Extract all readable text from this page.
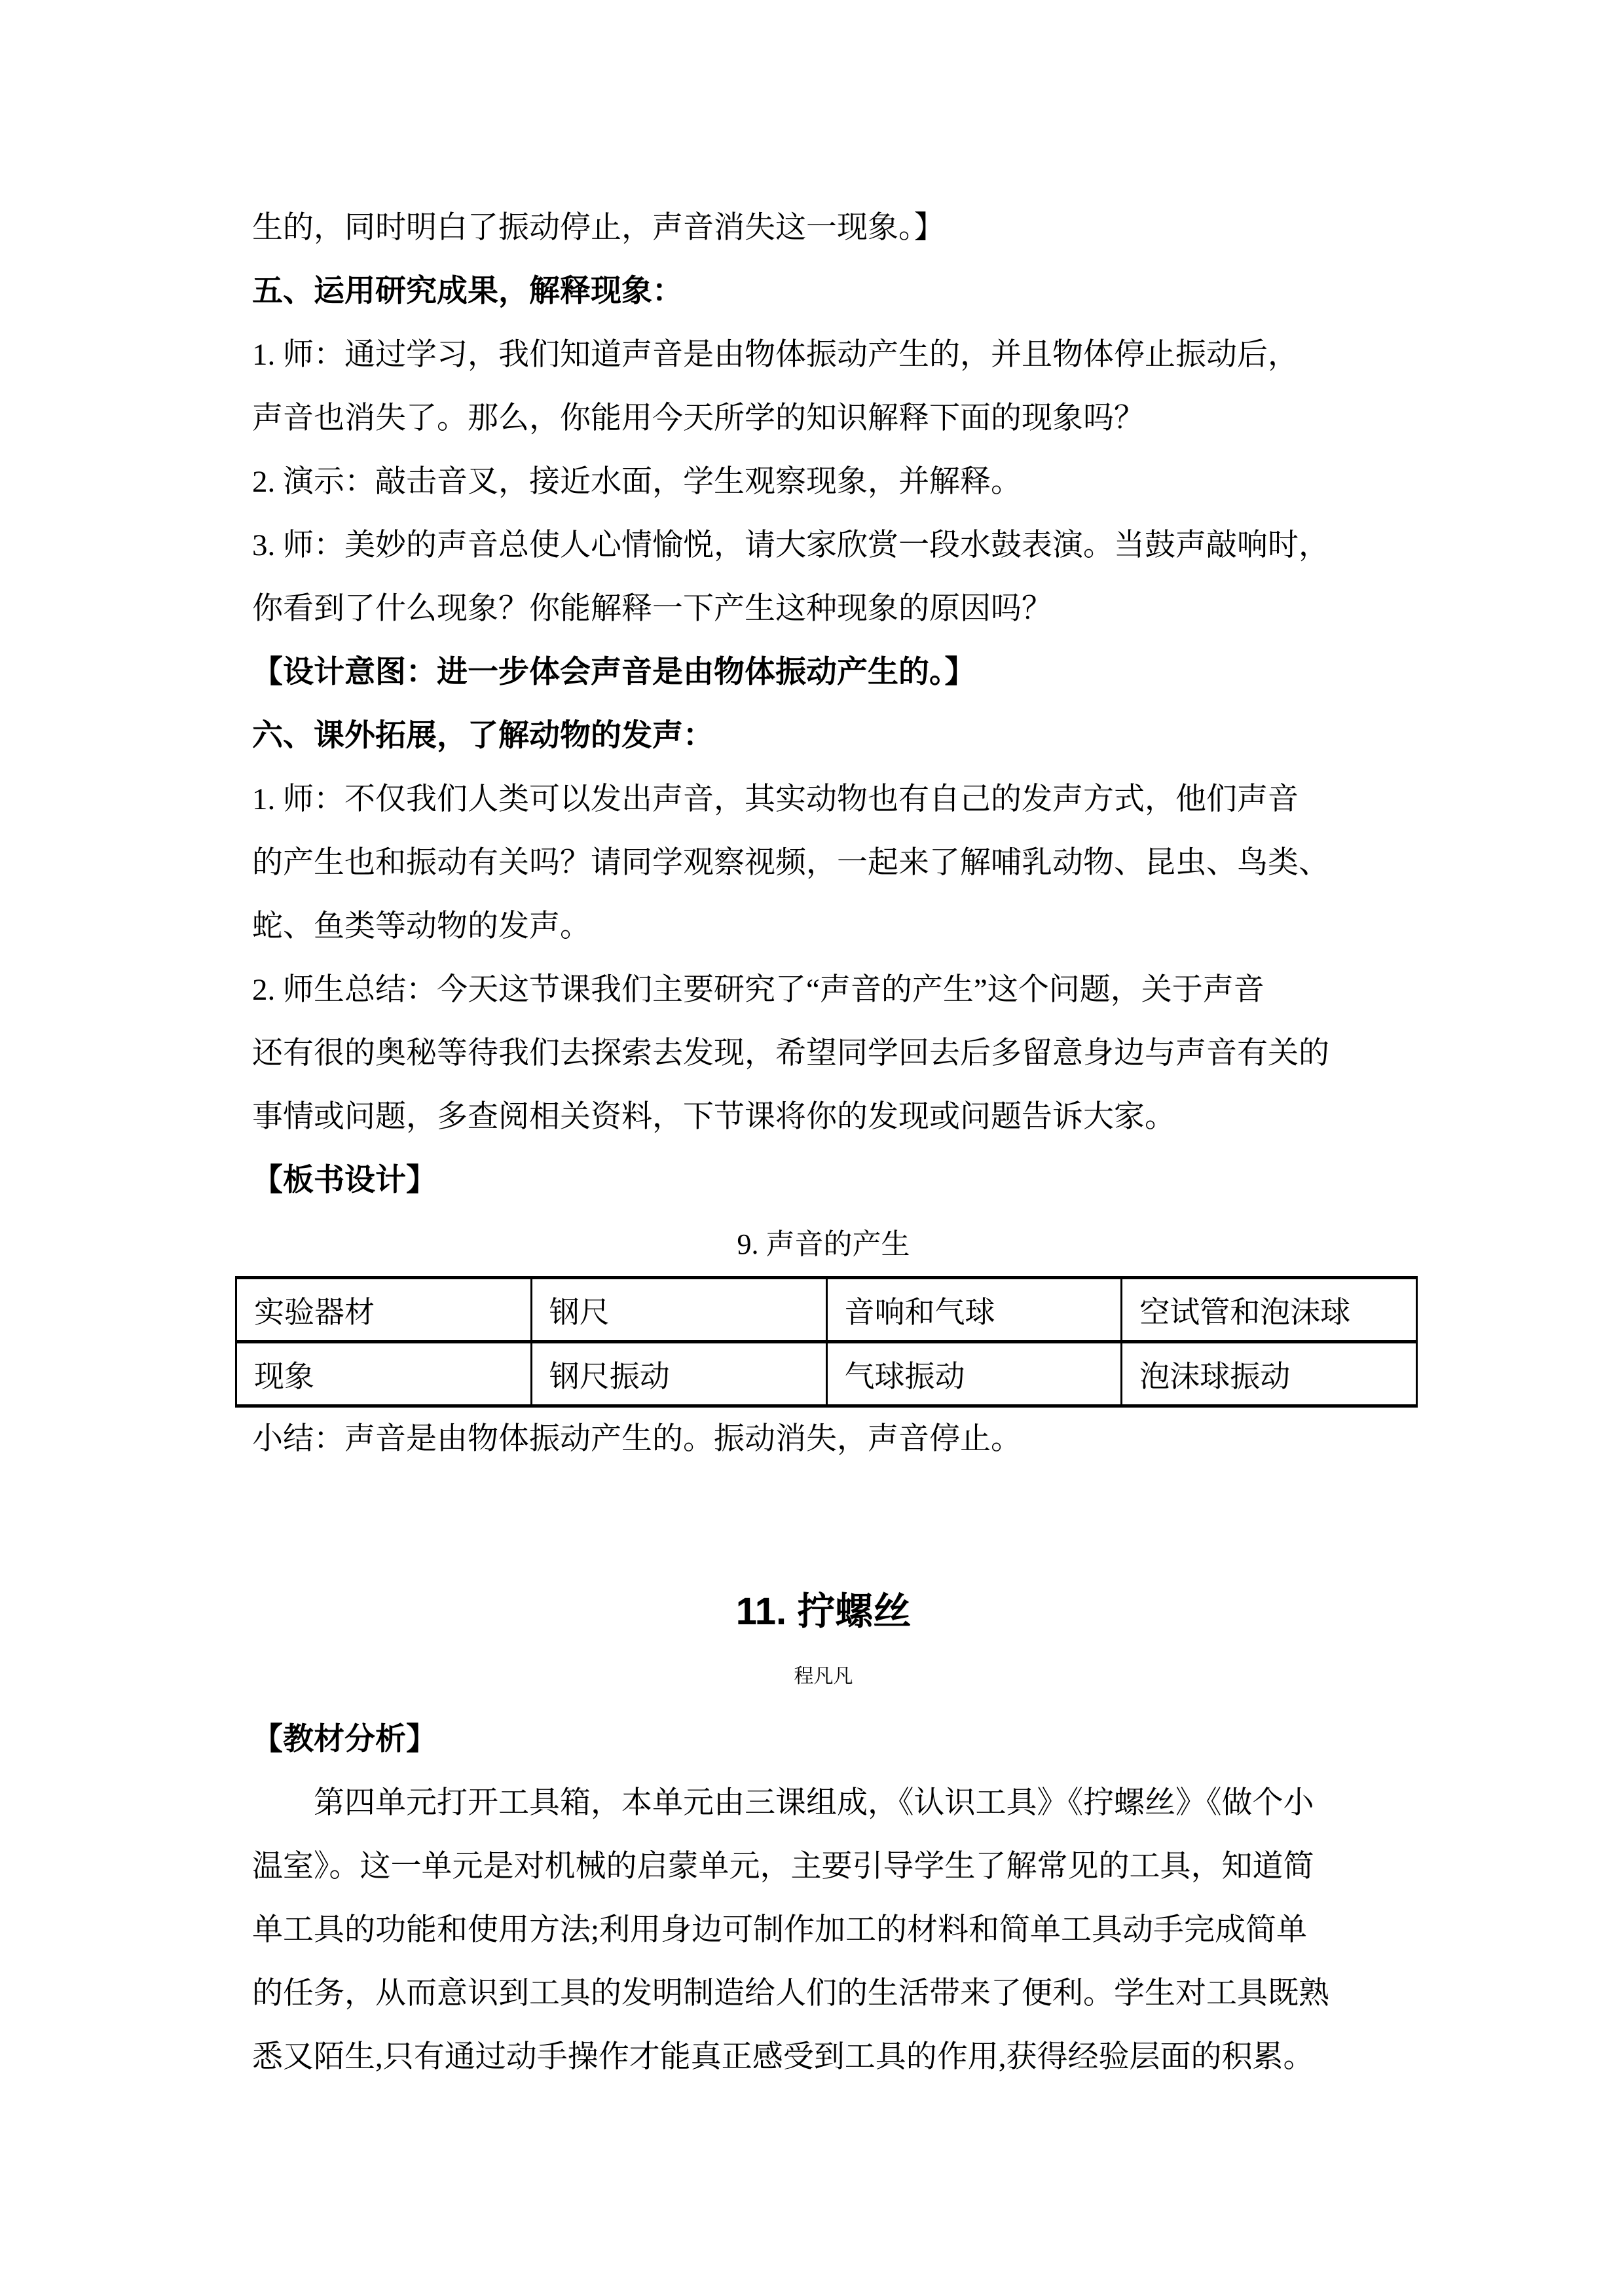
生的，同时明白了振动停止，声音消失这一现象。】

五、运用研究成果，解释现象：

1. 师：通过学习，我们知道声音是由物体振动产生的，并且物体停止振动后，

声音也消失了。那么，你能用今天所学的知识解释下面的现象吗？

2. 演示：敲击音叉，接近水面，学生观察现象，并解释。

3. 师：美妙的声音总使人心情愉悦，请大家欣赏一段水鼓表演。当鼓声敲响时，

你看到了什么现象？你能解释一下产生这种现象的原因吗？

【设计意图：进一步体会声音是由物体振动产生的。】

六、课外拓展，了解动物的发声：

1. 师：不仅我们人类可以发出声音，其实动物也有自己的发声方式，他们声音

的产生也和振动有关吗？请同学观察视频，一起来了解哺乳动物、昆虫、鸟类、

蛇、鱼类等动物的发声。

2. 师生总结：今天这节课我们主要研究了“声音的产生”这个问题，关于声音

还有很的奥秘等待我们去探索去发现，希望同学回去后多留意身边与声音有关的

事情或问题，多查阅相关资料，下节课将你的发现或问题告诉大家。

【板书设计】

9. 声音的产生

实验器材	钢尺	音响和气球	空试管和泡沫球
现象	钢尺振动	气球振动	泡沫球振动

小结：声音是由物体振动产生的。振动消失，声音停止。

11. 拧螺丝

程凡凡

【教材分析】

第四单元打开工具箱，本单元由三课组成，《认识工具》《拧螺丝》《做个小

温室》。这一单元是对机械的启蒙单元，主要引导学生了解常见的工具，知道简

单工具的功能和使用方法;利用身边可制作加工的材料和简单工具动手完成简单

的任务，从而意识到工具的发明制造给人们的生活带来了便利。学生对工具既熟

悉又陌生,只有通过动手操作才能真正感受到工具的作用,获得经验层面的积累。
